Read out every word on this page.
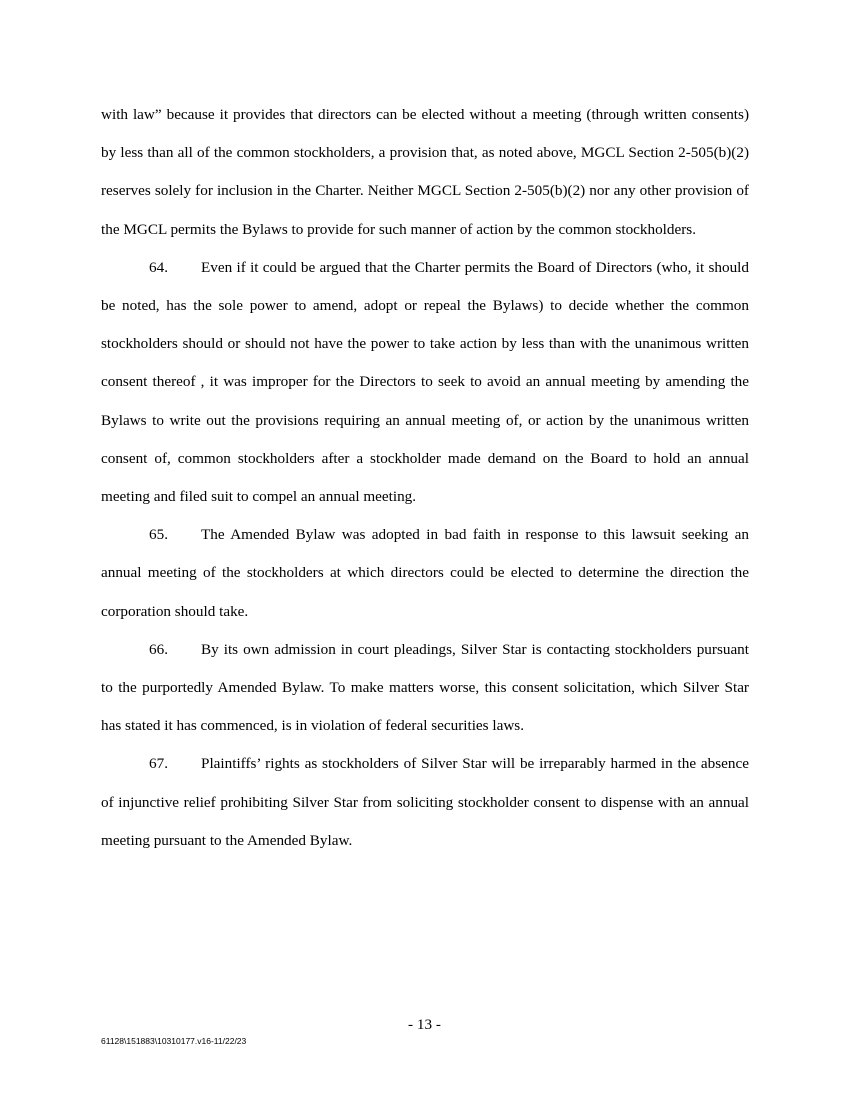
with law” because it provides that directors can be elected without a meeting (through written consents) by less than all of the common stockholders, a provision that, as noted above, MGCL Section 2-505(b)(2) reserves solely for inclusion in the Charter. Neither MGCL Section 2-505(b)(2) nor any other provision of the MGCL permits the Bylaws to provide for such manner of action by the common stockholders.

64. Even if it could be argued that the Charter permits the Board of Directors (who, it should be noted, has the sole power to amend, adopt or repeal the Bylaws) to decide whether the common stockholders should or should not have the power to take action by less than with the unanimous written consent thereof , it was improper for the Directors to seek to avoid an annual meeting by amending the Bylaws to write out the provisions requiring an annual meeting of, or action by the unanimous written consent of, common stockholders after a stockholder made demand on the Board to hold an annual meeting and filed suit to compel an annual meeting.

65. The Amended Bylaw was adopted in bad faith in response to this lawsuit seeking an annual meeting of the stockholders at which directors could be elected to determine the direction the corporation should take.

66. By its own admission in court pleadings, Silver Star is contacting stockholders pursuant to the purportedly Amended Bylaw. To make matters worse, this consent solicitation, which Silver Star has stated it has commenced, is in violation of federal securities laws.

67. Plaintiffs’ rights as stockholders of Silver Star will be irreparably harmed in the absence of injunctive relief prohibiting Silver Star from soliciting stockholder consent to dispense with an annual meeting pursuant to the Amended Bylaw.

- 13 -
61128\151883\10310177.v16-11/22/23
